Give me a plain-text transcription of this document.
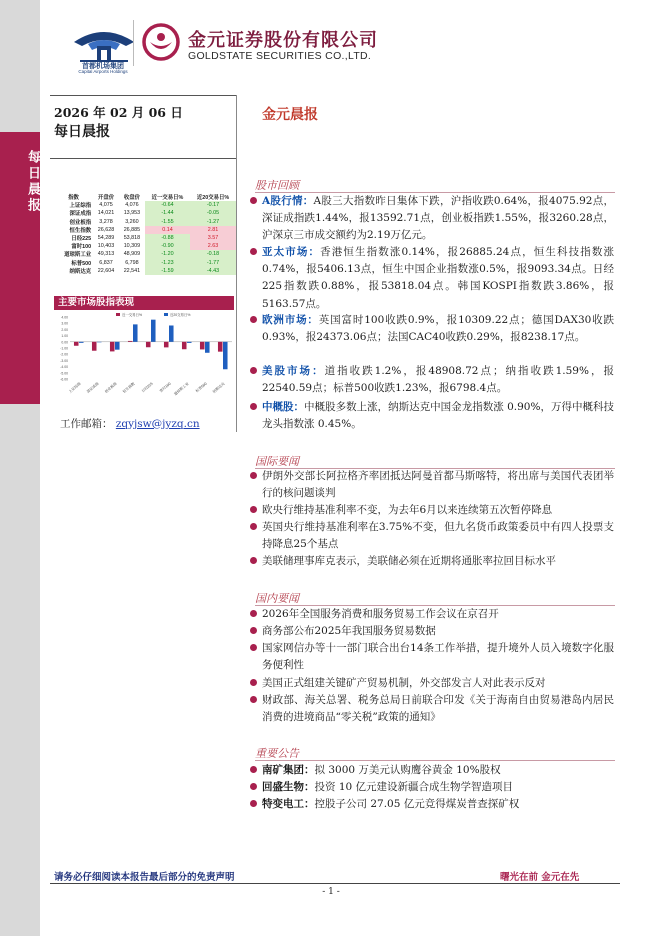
每日晨报
首都机场集团
Capital Airports Holdings
金元证券股份有限公司
GOLDSTATE SECURITIES CO.,LTD.
2026 年 02 月 06 日
每日晨报
金元晨报
指数	开盘价	收盘价	近一交易日%	近20交易日%
上证综指	4,075	4,076	-0.64	-0.17
深证成指	14,021	13,953	-1.44	-0.05
创业板指	3,278	3,260	-1.55	-1.27
恒生指数	26,628	26,885	0.14	2.81
日经225	54,289	53,818	-0.88	3.57
富时100	10,403	10,309	-0.90	2.63
道琼斯工业	49,313	48,909	-1.20	-0.18
标普500	6,837	6,798	-1.23	-1.77
纳斯达克	22,604	22,541	-1.59	-4.43
主要市场股指表现
4.00
3.00
2.00
1.00
0.00
-1.00
-2.00
-3.00
-4.00
-5.00
-6.00
近一交易日%	近20交易日%
上证综指 深证成指 创业板指 恒生指数 日经225 富时100 道琼斯工业 标普500 纳斯达克
工作邮箱： zqyjsw@jyzq.cn
股市回顾
A股行情：A股三大指数昨日集体下跌，沪指收跌0.64%，报4075.92点，深证成指跌1.44%，报13592.71点，创业板指跌1.55%，报3260.28点，沪深京三市成交额约为2.19万亿元。
亚太市场：香港恒生指数涨0.14%，报26885.24点，恒生科技指数涨0.74%，报5406.13点，恒生中国企业指数涨0.5%，报9093.34点。日经225指数跌0.88%，报53818.04点。韩国KOSPI指数跌3.86%，报5163.57点。
欧洲市场：英国富时100收跌0.9%，报10309.22点；德国DAX30收跌0.93%，报24373.06点；法国CAC40收跌0.29%，报8238.17点。
美股市场：道指收跌1.2%，报48908.72点；纳指收跌1.59%，报22540.59点；标普500收跌1.23%，报6798.4点。
中概股：中概股多数上涨，纳斯达克中国金龙指数涨 0.90%，万得中概科技龙头指数涨 0.45%。
国际要闻
伊朗外交部长阿拉格齐率团抵达阿曼首都马斯喀特，将出席与美国代表团举行的核问题谈判
欧央行维持基准利率不变，为去年6月以来连续第五次暂停降息
英国央行维持基准利率在3.75%不变，但九名货币政策委员中有四人投票支持降息25个基点
美联储理事库克表示，美联储必须在近期将通胀率拉回目标水平
国内要闻
2026年全国服务消费和服务贸易工作会议在京召开
商务部公布2025年我国服务贸易数据
国家网信办等十一部门联合出台14条工作举措，提升境外人员入境数字化服务便利性
美国正式组建关键矿产贸易机制，外交部发言人对此表示反对
财政部、海关总署、税务总局日前联合印发《关于海南自由贸易港岛内居民消费的进境商品“零关税”政策的通知》
重要公告
南矿集团：拟 3000 万美元认购鹰谷黄金 10%股权
回盛生物：投资 10 亿元建设新疆合成生物学智造项目
特变电工：控股子公司 27.05 亿元竞得煤炭普查探矿权
请务必仔细阅读本报告最后部分的免责声明	曙光在前 金元在先
- 1 -
